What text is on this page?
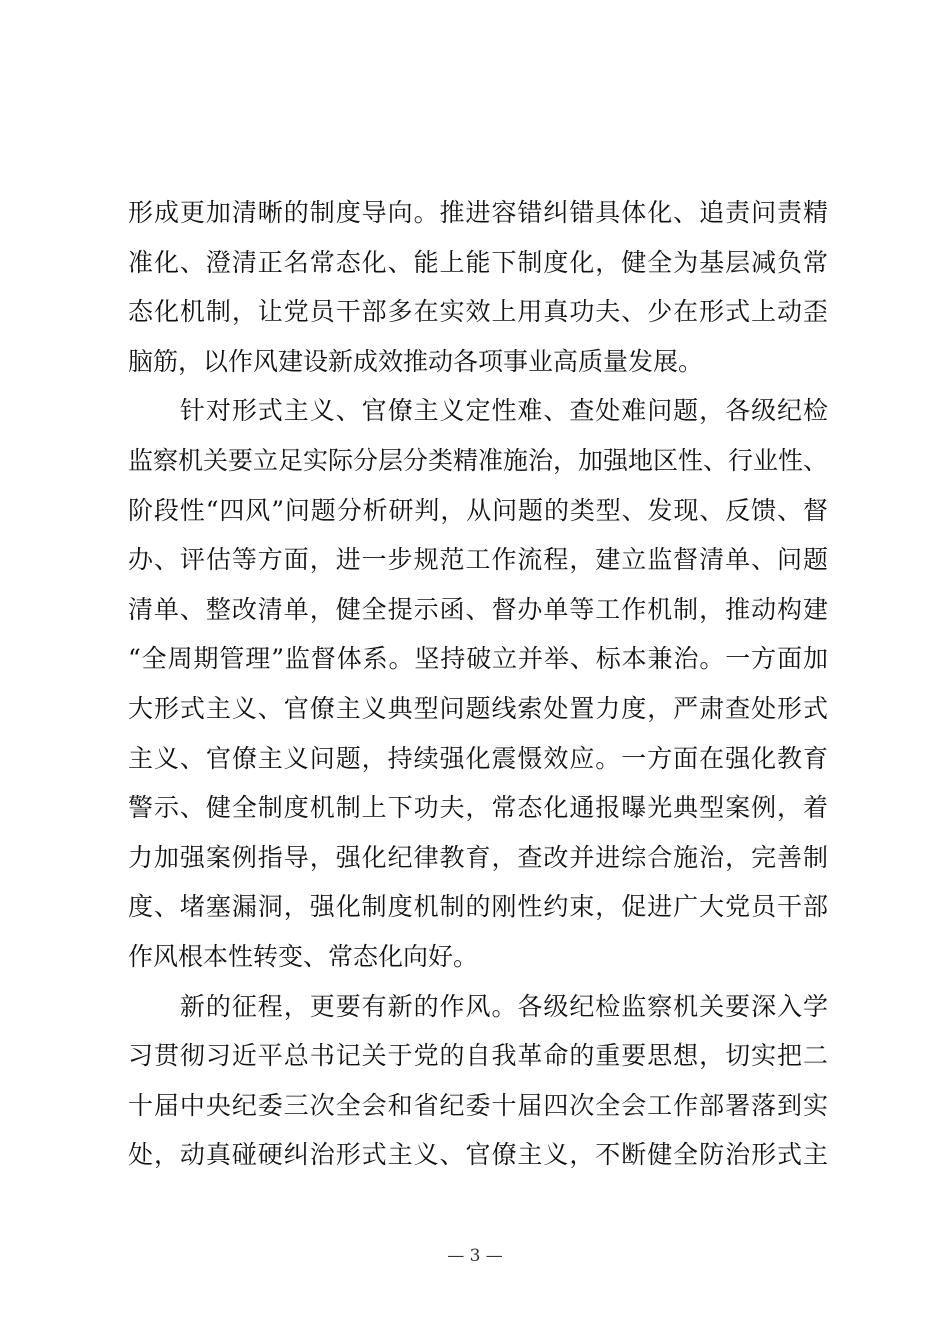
形成更加清晰的制度导向。推进容错纠错具体化、追责问责精
准化、澄清正名常态化、能上能下制度化，健全为基层减负常
态化机制，让党员干部多在实效上用真功夫、少在形式上动歪
脑筋，以作风建设新成效推动各项事业高质量发展。
　　针对形式主义、官僚主义定性难、查处难问题，各级纪检
监察机关要立足实际分层分类精准施治，加强地区性、行业性、
阶段性“四风”问题分析研判，从问题的类型、发现、反馈、督
办、评估等方面，进一步规范工作流程，建立监督清单、问题
清单、整改清单，健全提示函、督办单等工作机制，推动构建
“全周期管理”监督体系。坚持破立并举、标本兼治。一方面加
大形式主义、官僚主义典型问题线索处置力度，严肃查处形式
主义、官僚主义问题，持续强化震慑效应。一方面在强化教育
警示、健全制度机制上下功夫，常态化通报曝光典型案例，着
力加强案例指导，强化纪律教育，查改并进综合施治，完善制
度、堵塞漏洞，强化制度机制的刚性约束，促进广大党员干部
作风根本性转变、常态化向好。
　　新的征程，更要有新的作风。各级纪检监察机关要深入学
习贯彻习近平总书记关于党的自我革命的重要思想，切实把二
十届中央纪委三次全会和省纪委十届四次全会工作部署落到实
处，动真碰硬纠治形式主义、官僚主义，不断健全防治形式主
— 3 —
